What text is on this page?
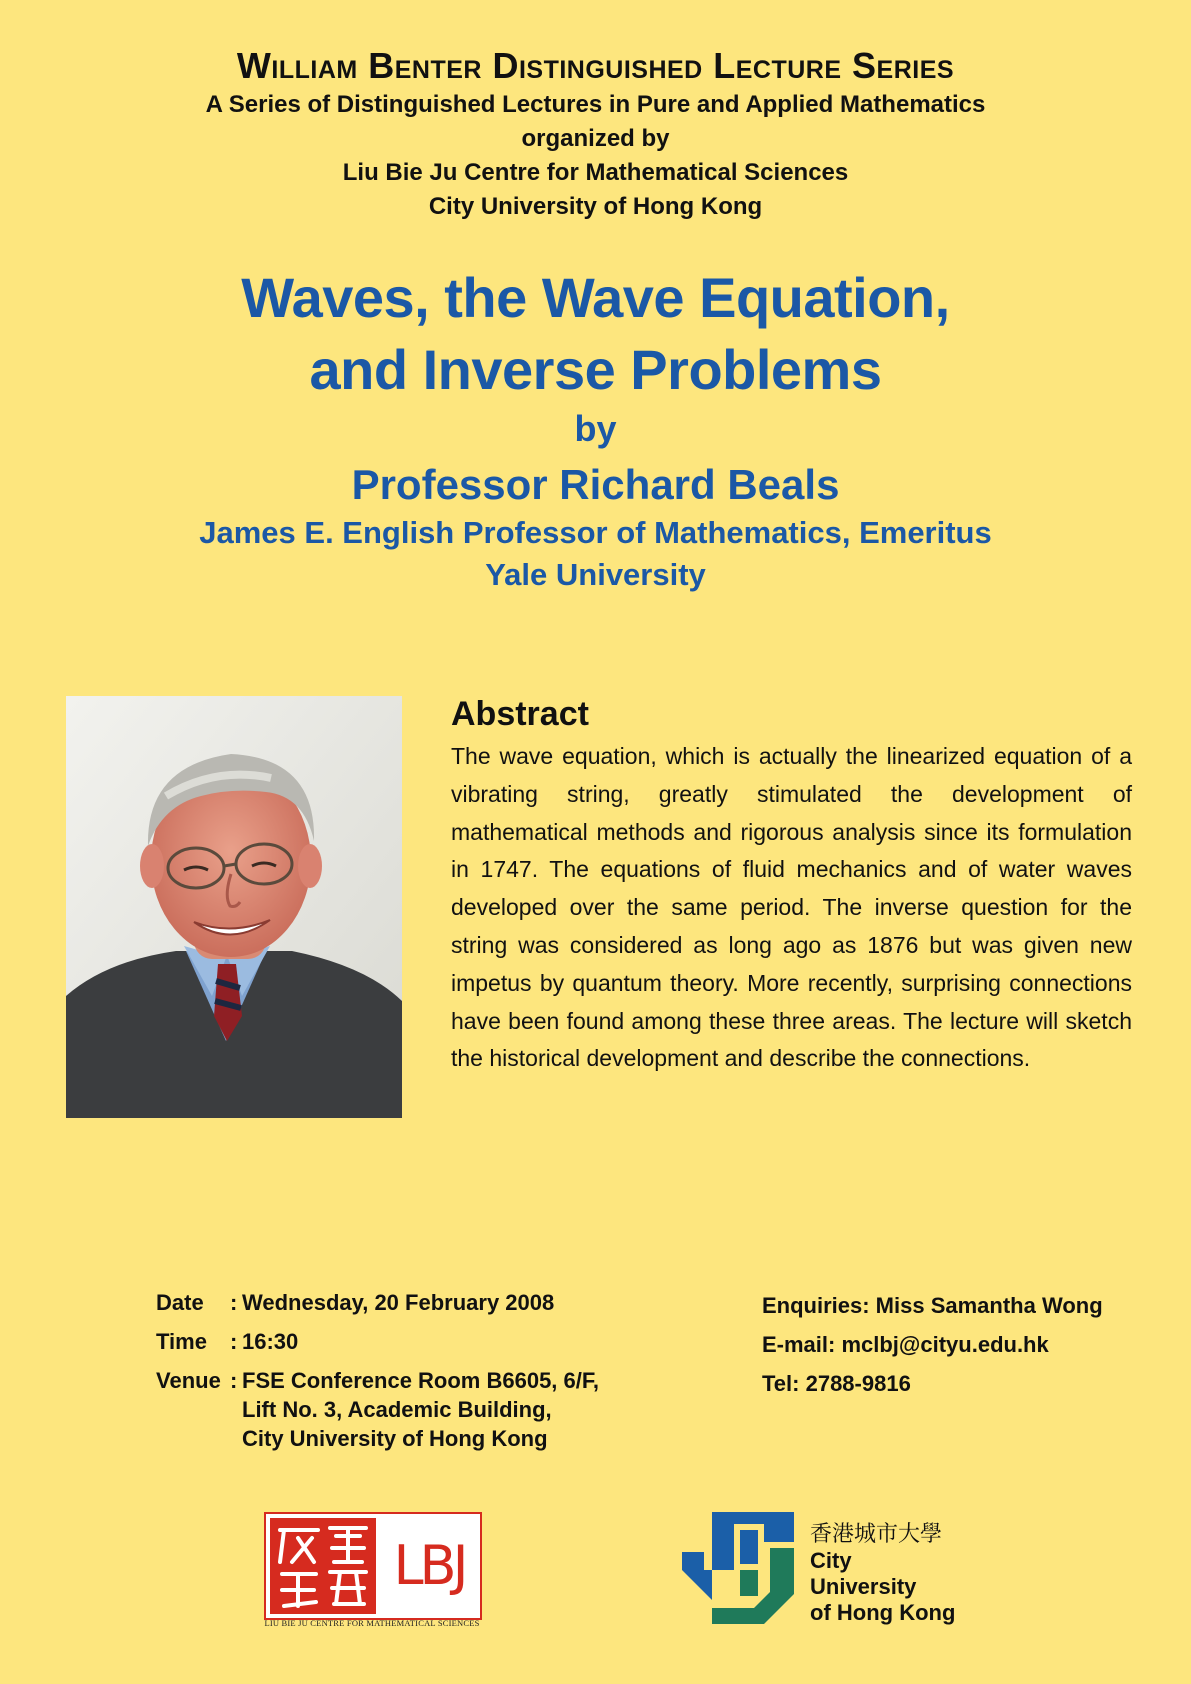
William Benter Distinguished Lecture Series

A Series of Distinguished Lectures in Pure and Applied Mathematics

organized by

Liu Bie Ju Centre for Mathematical Sciences

City University of Hong Kong

Waves, the Wave Equation,

and Inverse Problems

by

Professor Richard Beals

James E. English Professor of Mathematics, Emeritus

Yale University

Abstract

The wave equation, which is actually the linearized equation of a vibrating string, greatly stimulated the development of mathematical methods and rigorous analysis since its formulation in 1747. The equations of fluid mechanics and of water waves developed over the same period. The inverse question for the string was considered as long ago as 1876 but was given new impetus by quantum theory. More recently, surprising connections have been found among these three areas. The lecture will sketch the historical development and describe the connections.

Date	: Wednesday, 20 February 2008
Time	: 16:30
Venue : FSE Conference Room B6605, 6/F,
Lift No. 3, Academic Building,
City University of Hong Kong
Enquiries: Miss Samantha Wong
E-mail: mclbj@cityu.edu.hk
Tel: 2788-9816
LBJ
LIU BIE JU CENTRE FOR MATHEMATICAL SCIENCES
香港城市大學
City University
of Hong Kong
